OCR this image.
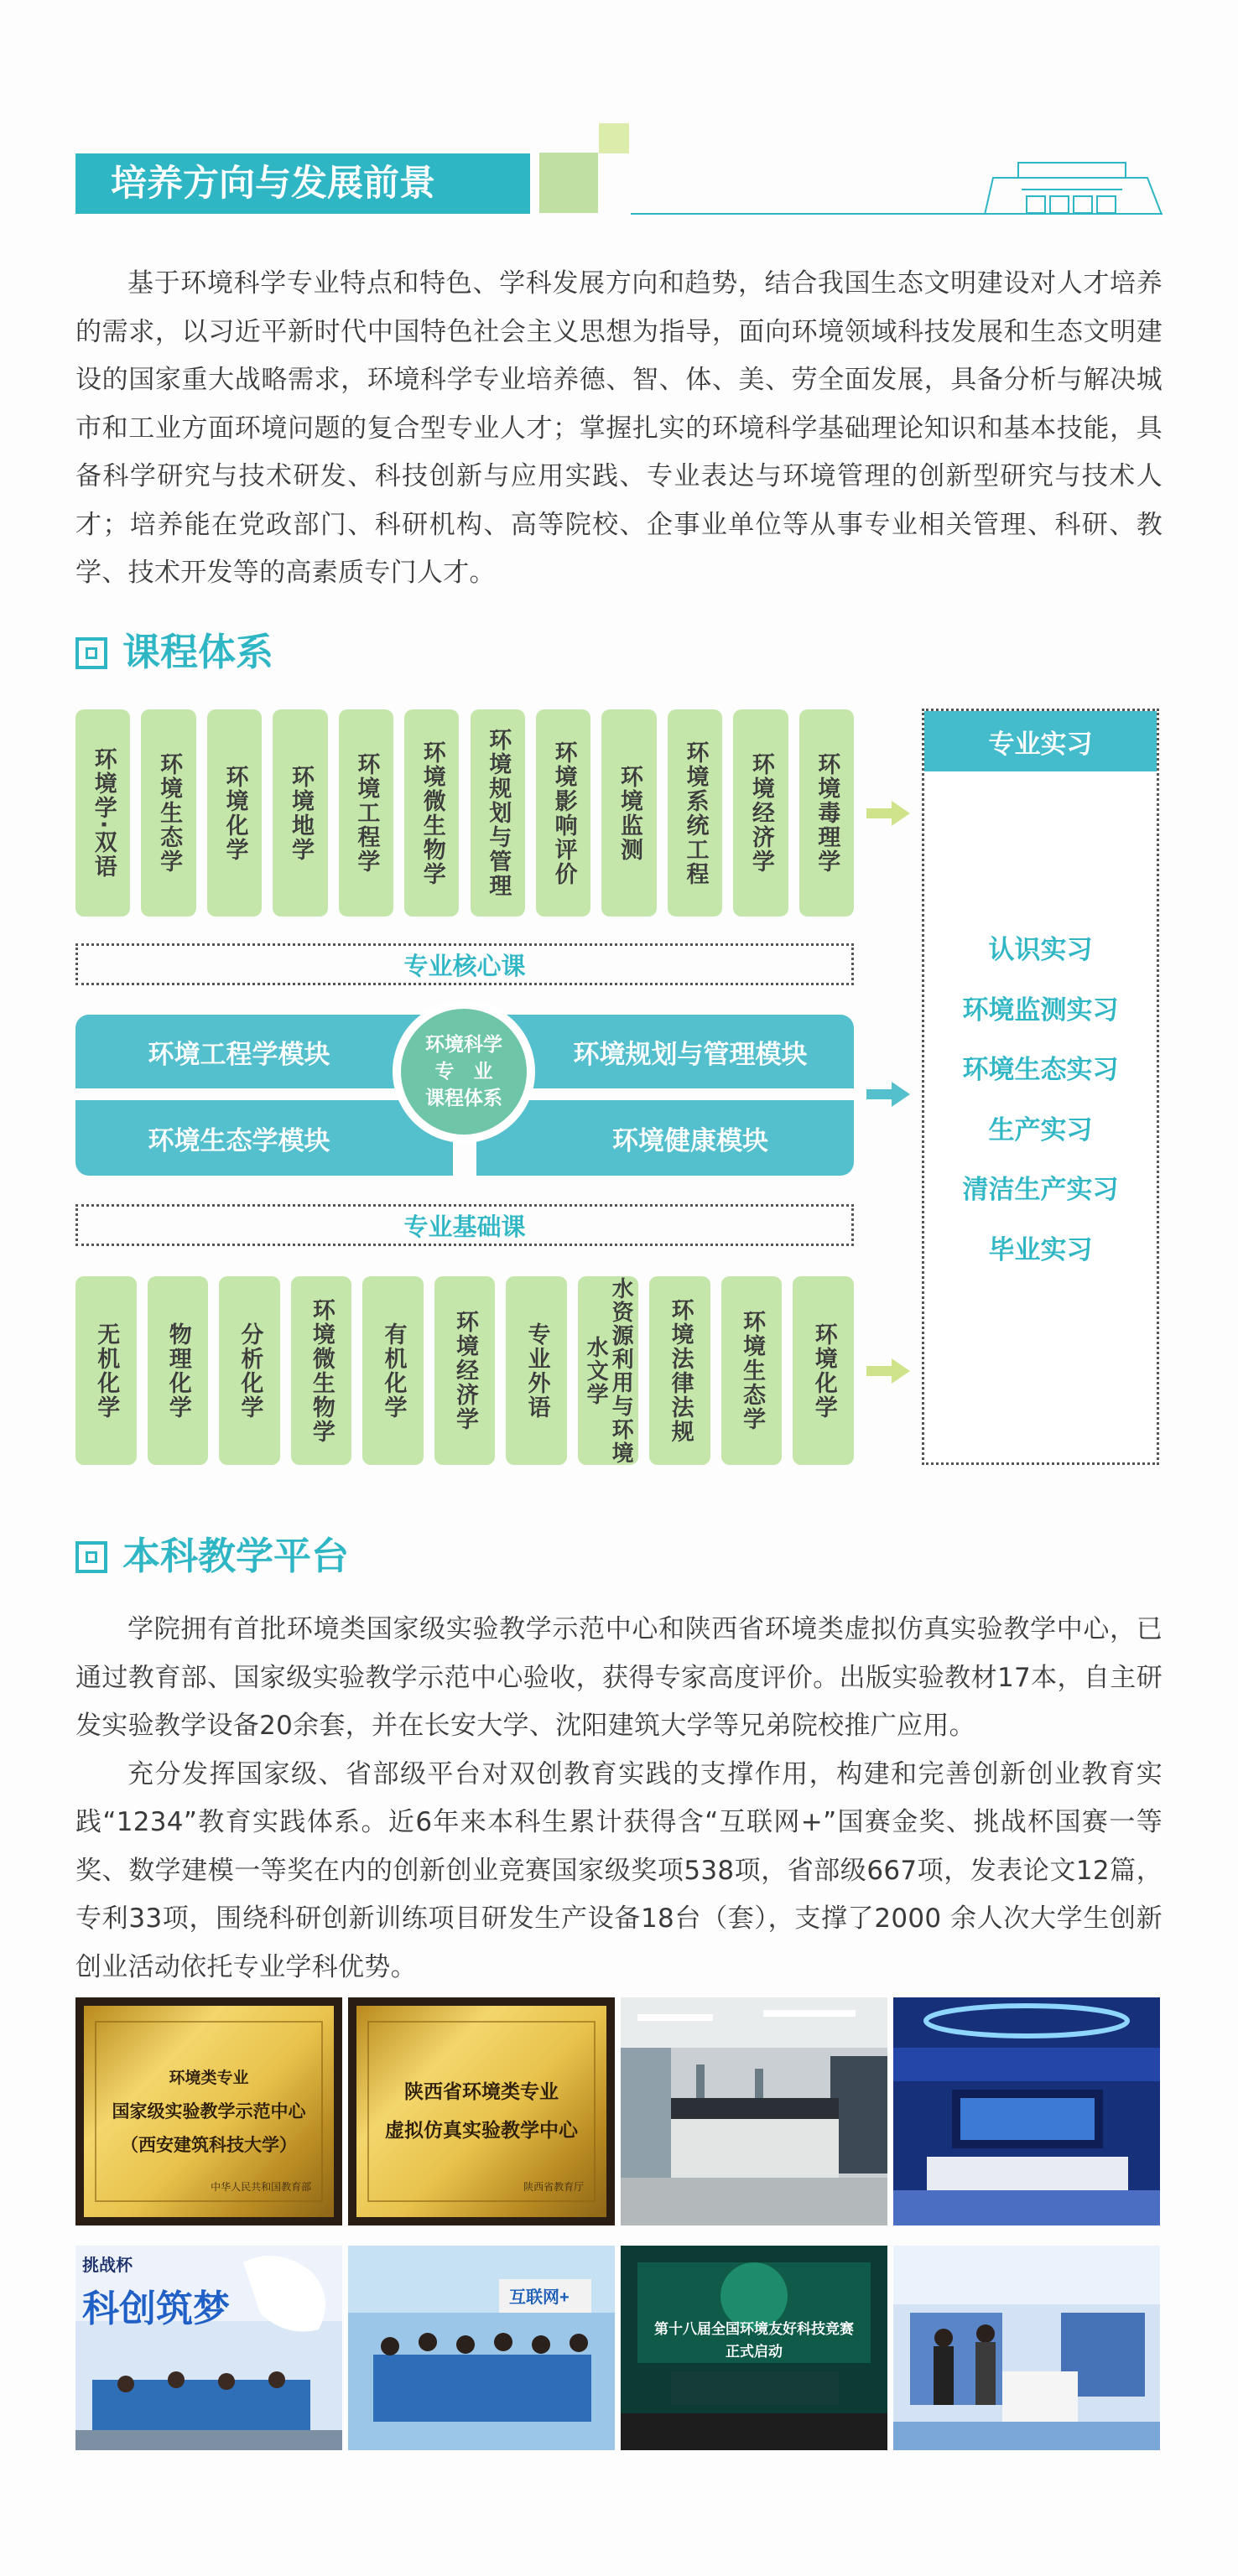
培养方向与发展前景

基于环境科学专业特点和特色、学科发展方向和趋势，结合我国生态文明建设对人才培养的需求，以习近平新时代中国特色社会主义思想为指导，面向环境领域科技发展和生态文明建设的国家重大战略需求，环境科学专业培养德、智、体、美、劳全面发展，具备分析与解决城市和工业方面环境问题的复合型专业人才；掌握扎实的环境科学基础理论知识和基本技能，具备科学研究与技术研发、科技创新与应用实践、专业表达与环境管理的创新型研究与技术人才；培养能在党政部门、科研机构、高等院校、企事业单位等从事专业相关管理、科研、教学、技术开发等的高素质专门人才。

课程体系
环境学·双语 环境生态学 环境化学 环境地学 环境工程学 环境微生物学 环境规划与管理 环境影响评价 环境监测 环境系统工程 环境经济学 环境毒理学
专业核心课
环境工程学模块	环境规划与管理模块
环境生态学模块	环境健康模块
环境科学
专　业
课程体系
专业基础课
无机化学 物理化学 分析化学 环境微生物学 有机化学 环境经济学 专业外语	水资源利用与环境水文学	环境法律法规 环境生态学 环境化学
专业实习
认识实习
环境监测实习
环境生态实习
生产实习
清洁生产实习
毕业实习
本科教学平台

学院拥有首批环境类国家级实验教学示范中心和陕西省环境类虚拟仿真实验教学中心，已通过教育部、国家级实验教学示范中心验收，获得专家高度评价。出版实验教材17本，自主研发实验教学设备20余套，并在长安大学、沈阳建筑大学等兄弟院校推广应用。

充分发挥国家级、省部级平台对双创教育实践的支撑作用，构建和完善创新创业教育实践“1234”教育实践体系。近6年来本科生累计获得含“互联网+”国赛金奖、挑战杯国赛一等奖、数学建模一等奖在内的创新创业竞赛国家级奖项538项，省部级667项，发表论文12篇，专利33项，围绕科研创新训练项目研发生产设备18台（套），支撑了2000 余人次大学生创新创业活动依托专业学科优势。

环境类专业
国家级实验教学示范中心
（西安建筑科技大学）
中华人民共和国教育部
陕西省环境类专业
虚拟仿真实验教学中心
陕西省教育厅
挑战杯
科创筑梦	互联网+
第十八届全国环境友好科技竞赛
正式启动
